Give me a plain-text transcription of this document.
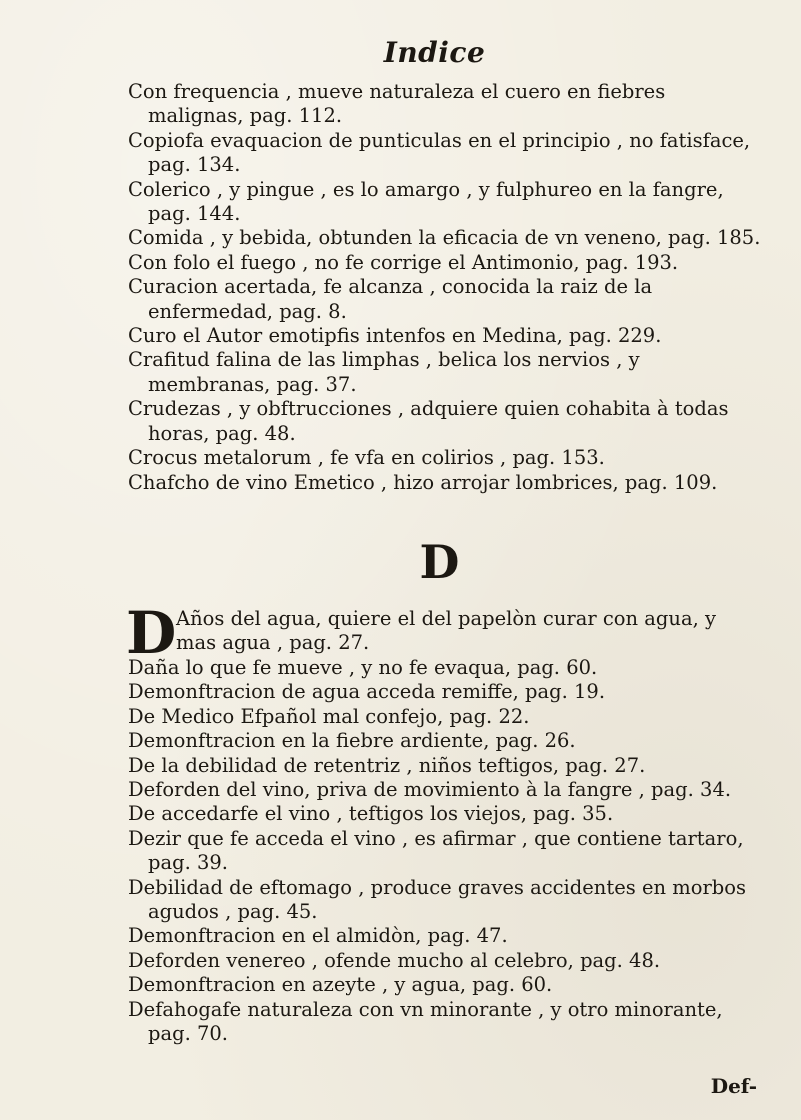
Indice
Con frequencia , mueve naturaleza el cuero en fiebres malignas, pag. 112.
Copiofa evaquacion de punticulas en el principio , no fatisface, pag. 134.
Colerico , y pingue , es lo amargo , y fulphureo en la fangre, pag. 144.
Comida , y bebida, obtunden la eficacia de vn veneno, pag. 185.
Con folo el fuego , no fe corrige el Antimonio, pag. 193.
Curacion acertada, fe alcanza , conocida la raiz de la enfermedad, pag. 8.
Curo el Autor emotipfis intenfos en Medina, pag. 229.
Crafitud falina de las limphas , belica los nervios , y membranas, pag. 37.
Crudezas , y obftrucciones , adquiere quien cohabita à todas horas, pag. 48.
Crocus metalorum , fe vfa en colirios , pag. 153.
Chafcho de vino Emetico , hizo arrojar lombrices, pag. 109.
D
D Años del agua, quiere el del papelòn curar con agua, y mas agua , pag. 27.
Daña lo que fe mueve , y no fe evaqua, pag. 60.
Demonftracion de agua acceda remiffe, pag. 19.
De Medico Efpañol mal confejo, pag. 22.
Demonftracion en la fiebre ardiente, pag. 26.
De la debilidad de retentriz , niños teftigos, pag. 27.
Deforden del vino, priva de movimiento à la fangre , pag. 34.
De accedarfe el vino , teftigos los viejos, pag. 35.
Dezir que fe acceda el vino , es afirmar , que contiene tartaro, pag. 39.
Debilidad de eftomago , produce graves accidentes en morbos agudos , pag. 45.
Demonftracion en el almidòn, pag. 47.
Deforden venereo , ofende mucho al celebro, pag. 48.
Demonftracion en azeyte , y agua, pag. 60.
Defahogafe naturaleza con vn minorante , y otro minorante, pag. 70.
Def-
